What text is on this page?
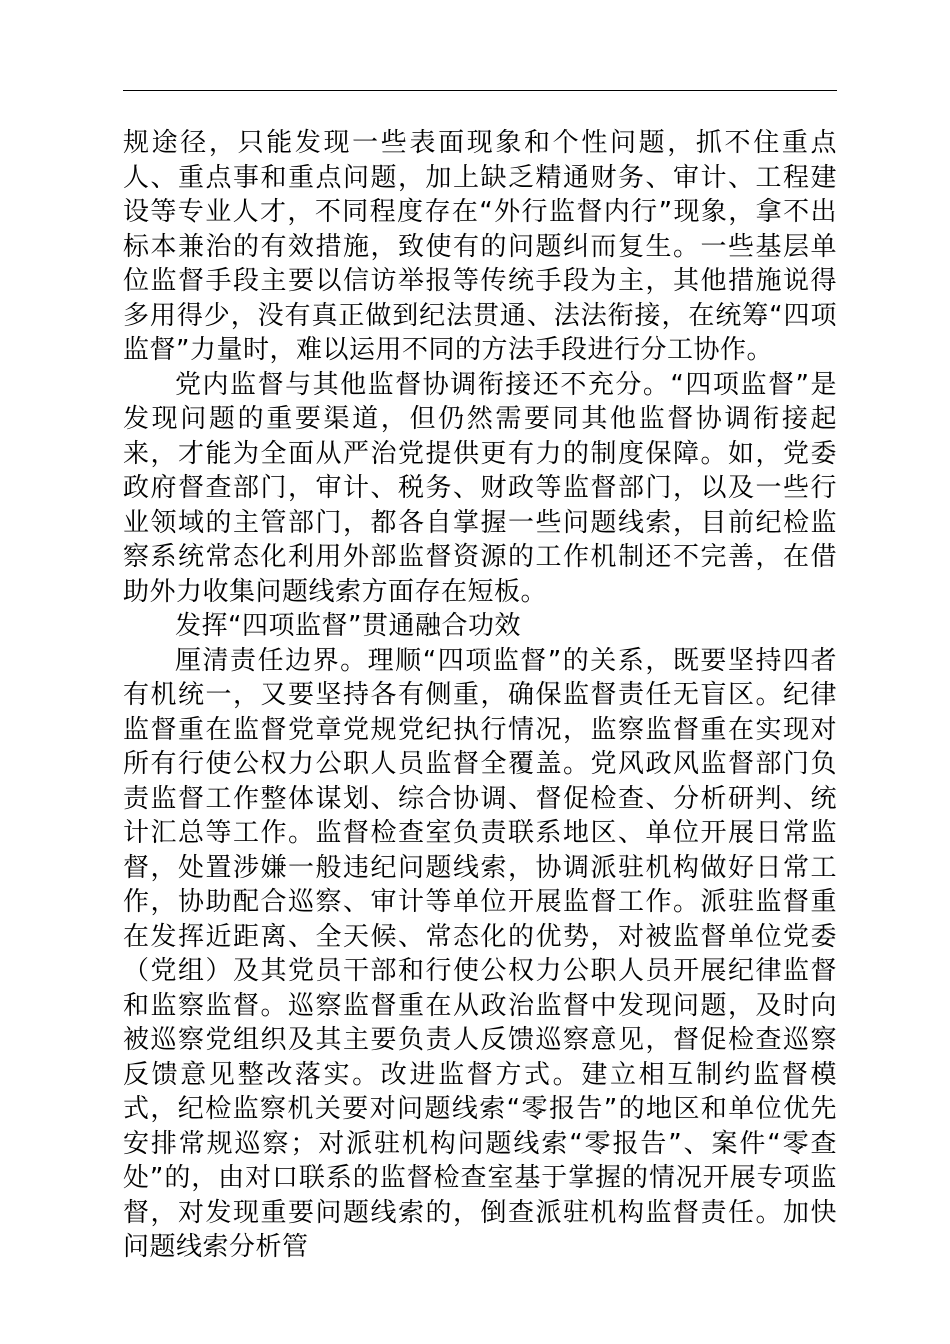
规途径，只能发现一些表面现象和个性问题，抓不住重点人、重点事和重点问题，加上缺乏精通财务、审计、工程建设等专业人才，不同程度存在“外行监督内行”现象，拿不出标本兼治的有效措施，致使有的问题纠而复生。一些基层单位监督手段主要以信访举报等传统手段为主，其他措施说得多用得少，没有真正做到纪法贯通、法法衔接，在统筹“四项监督”力量时，难以运用不同的方法手段进行分工协作。

党内监督与其他监督协调衔接还不充分。“四项监督”是发现问题的重要渠道，但仍然需要同其他监督协调衔接起来，才能为全面从严治党提供更有力的制度保障。如，党委政府督查部门，审计、税务、财政等监督部门，以及一些行业领域的主管部门，都各自掌握一些问题线索，目前纪检监察系统常态化利用外部监督资源的工作机制还不完善，在借助外力收集问题线索方面存在短板。

发挥“四项监督”贯通融合功效

厘清责任边界。理顺“四项监督”的关系，既要坚持四者有机统一，又要坚持各有侧重，确保监督责任无盲区。纪律监督重在监督党章党规党纪执行情况，监察监督重在实现对所有行使公权力公职人员监督全覆盖。党风政风监督部门负责监督工作整体谋划、综合协调、督促检查、分析研判、统计汇总等工作。监督检查室负责联系地区、单位开展日常监督，处置涉嫌一般违纪问题线索，协调派驻机构做好日常工作，协助配合巡察、审计等单位开展监督工作。派驻监督重在发挥近距离、全天候、常态化的优势，对被监督单位党委（党组）及其党员干部和行使公权力公职人员开展纪律监督和监察监督。巡察监督重在从政治监督中发现问题，及时向被巡察党组织及其主要负责人反馈巡察意见，督促检查巡察反馈意见整改落实。改进监督方式。建立相互制约监督模式，纪检监察机关要对问题线索“零报告”的地区和单位优先安排常规巡察；对派驻机构问题线索“零报告”、案件“零查处”的，由对口联系的监督检查室基于掌握的情况开展专项监督，对发现重要问题线索的，倒查派驻机构监督责任。加快问题线索分析管
